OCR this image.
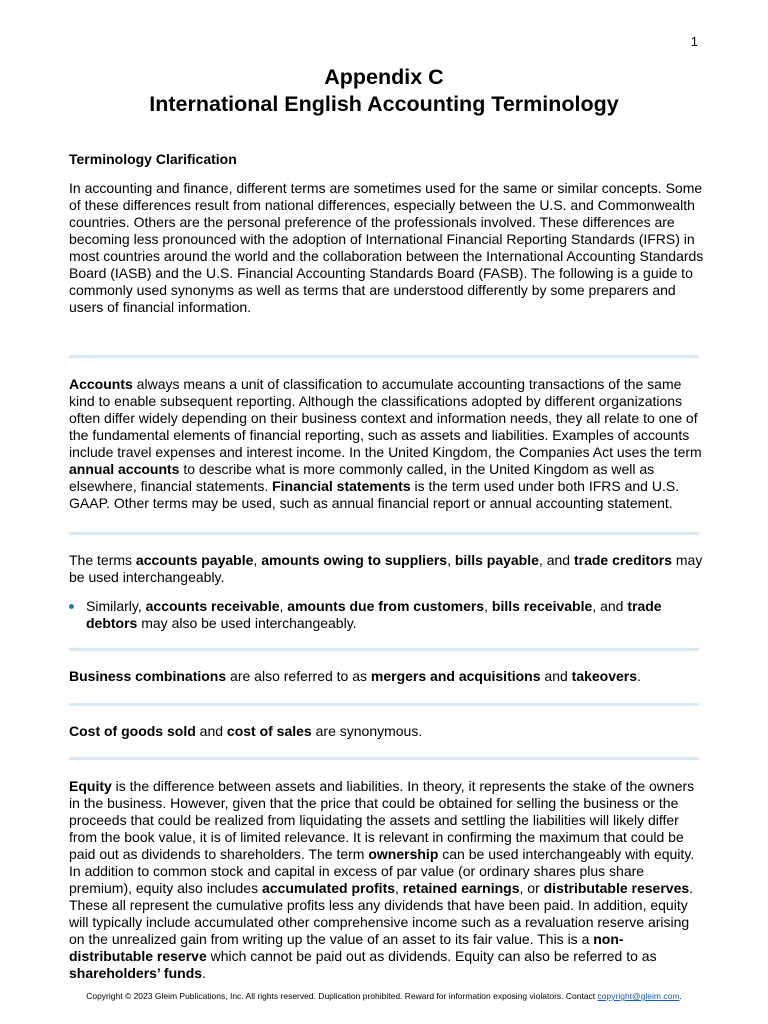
1
Appendix C
International English Accounting Terminology
Terminology Clarification

In accounting and finance, different terms are sometimes used for the same or similar concepts. Some of these differences result from national differences, especially between the U.S. and Commonwealth countries. Others are the personal preference of the professionals involved. These differences are becoming less pronounced with the adoption of International Financial Reporting Standards (IFRS) in most countries around the world and the collaboration between the International Accounting Standards Board (IASB) and the U.S. Financial Accounting Standards Board (FASB). The following is a guide to commonly used synonyms as well as terms that are understood differently by some preparers and users of financial information.

Accounts always means a unit of classification to accumulate accounting transactions of the same kind to enable subsequent reporting. Although the classifications adopted by different organizations often differ widely depending on their business context and information needs, they all relate to one of the fundamental elements of financial reporting, such as assets and liabilities. Examples of accounts include travel expenses and interest income. In the United Kingdom, the Companies Act uses the term annual accounts to describe what is more commonly called, in the United Kingdom as well as elsewhere, financial statements. Financial statements is the term used under both IFRS and U.S. GAAP. Other terms may be used, such as annual financial report or annual accounting statement.

The terms accounts payable, amounts owing to suppliers, bills payable, and trade creditors may be used interchangeably.

Similarly, accounts receivable, amounts due from customers, bills receivable, and trade debtors may also be used interchangeably.

Business combinations are also referred to as mergers and acquisitions and takeovers.

Cost of goods sold and cost of sales are synonymous.

Equity is the difference between assets and liabilities. In theory, it represents the stake of the owners in the business. However, given that the price that could be obtained for selling the business or the proceeds that could be realized from liquidating the assets and settling the liabilities will likely differ from the book value, it is of limited relevance. It is relevant in confirming the maximum that could be paid out as dividends to shareholders. The term ownership can be used interchangeably with equity. In addition to common stock and capital in excess of par value (or ordinary shares plus share premium), equity also includes accumulated profits, retained earnings, or distributable reserves. These all represent the cumulative profits less any dividends that have been paid. In addition, equity will typically include accumulated other comprehensive income such as a revaluation reserve arising on the unrealized gain from writing up the value of an asset to its fair value. This is a non-distributable reserve which cannot be paid out as dividends. Equity can also be referred to as shareholders’ funds.

Copyright © 2023 Gleim Publications, Inc. All rights reserved. Duplication prohibited. Reward for information exposing violators. Contact copyright@gleim.com.
